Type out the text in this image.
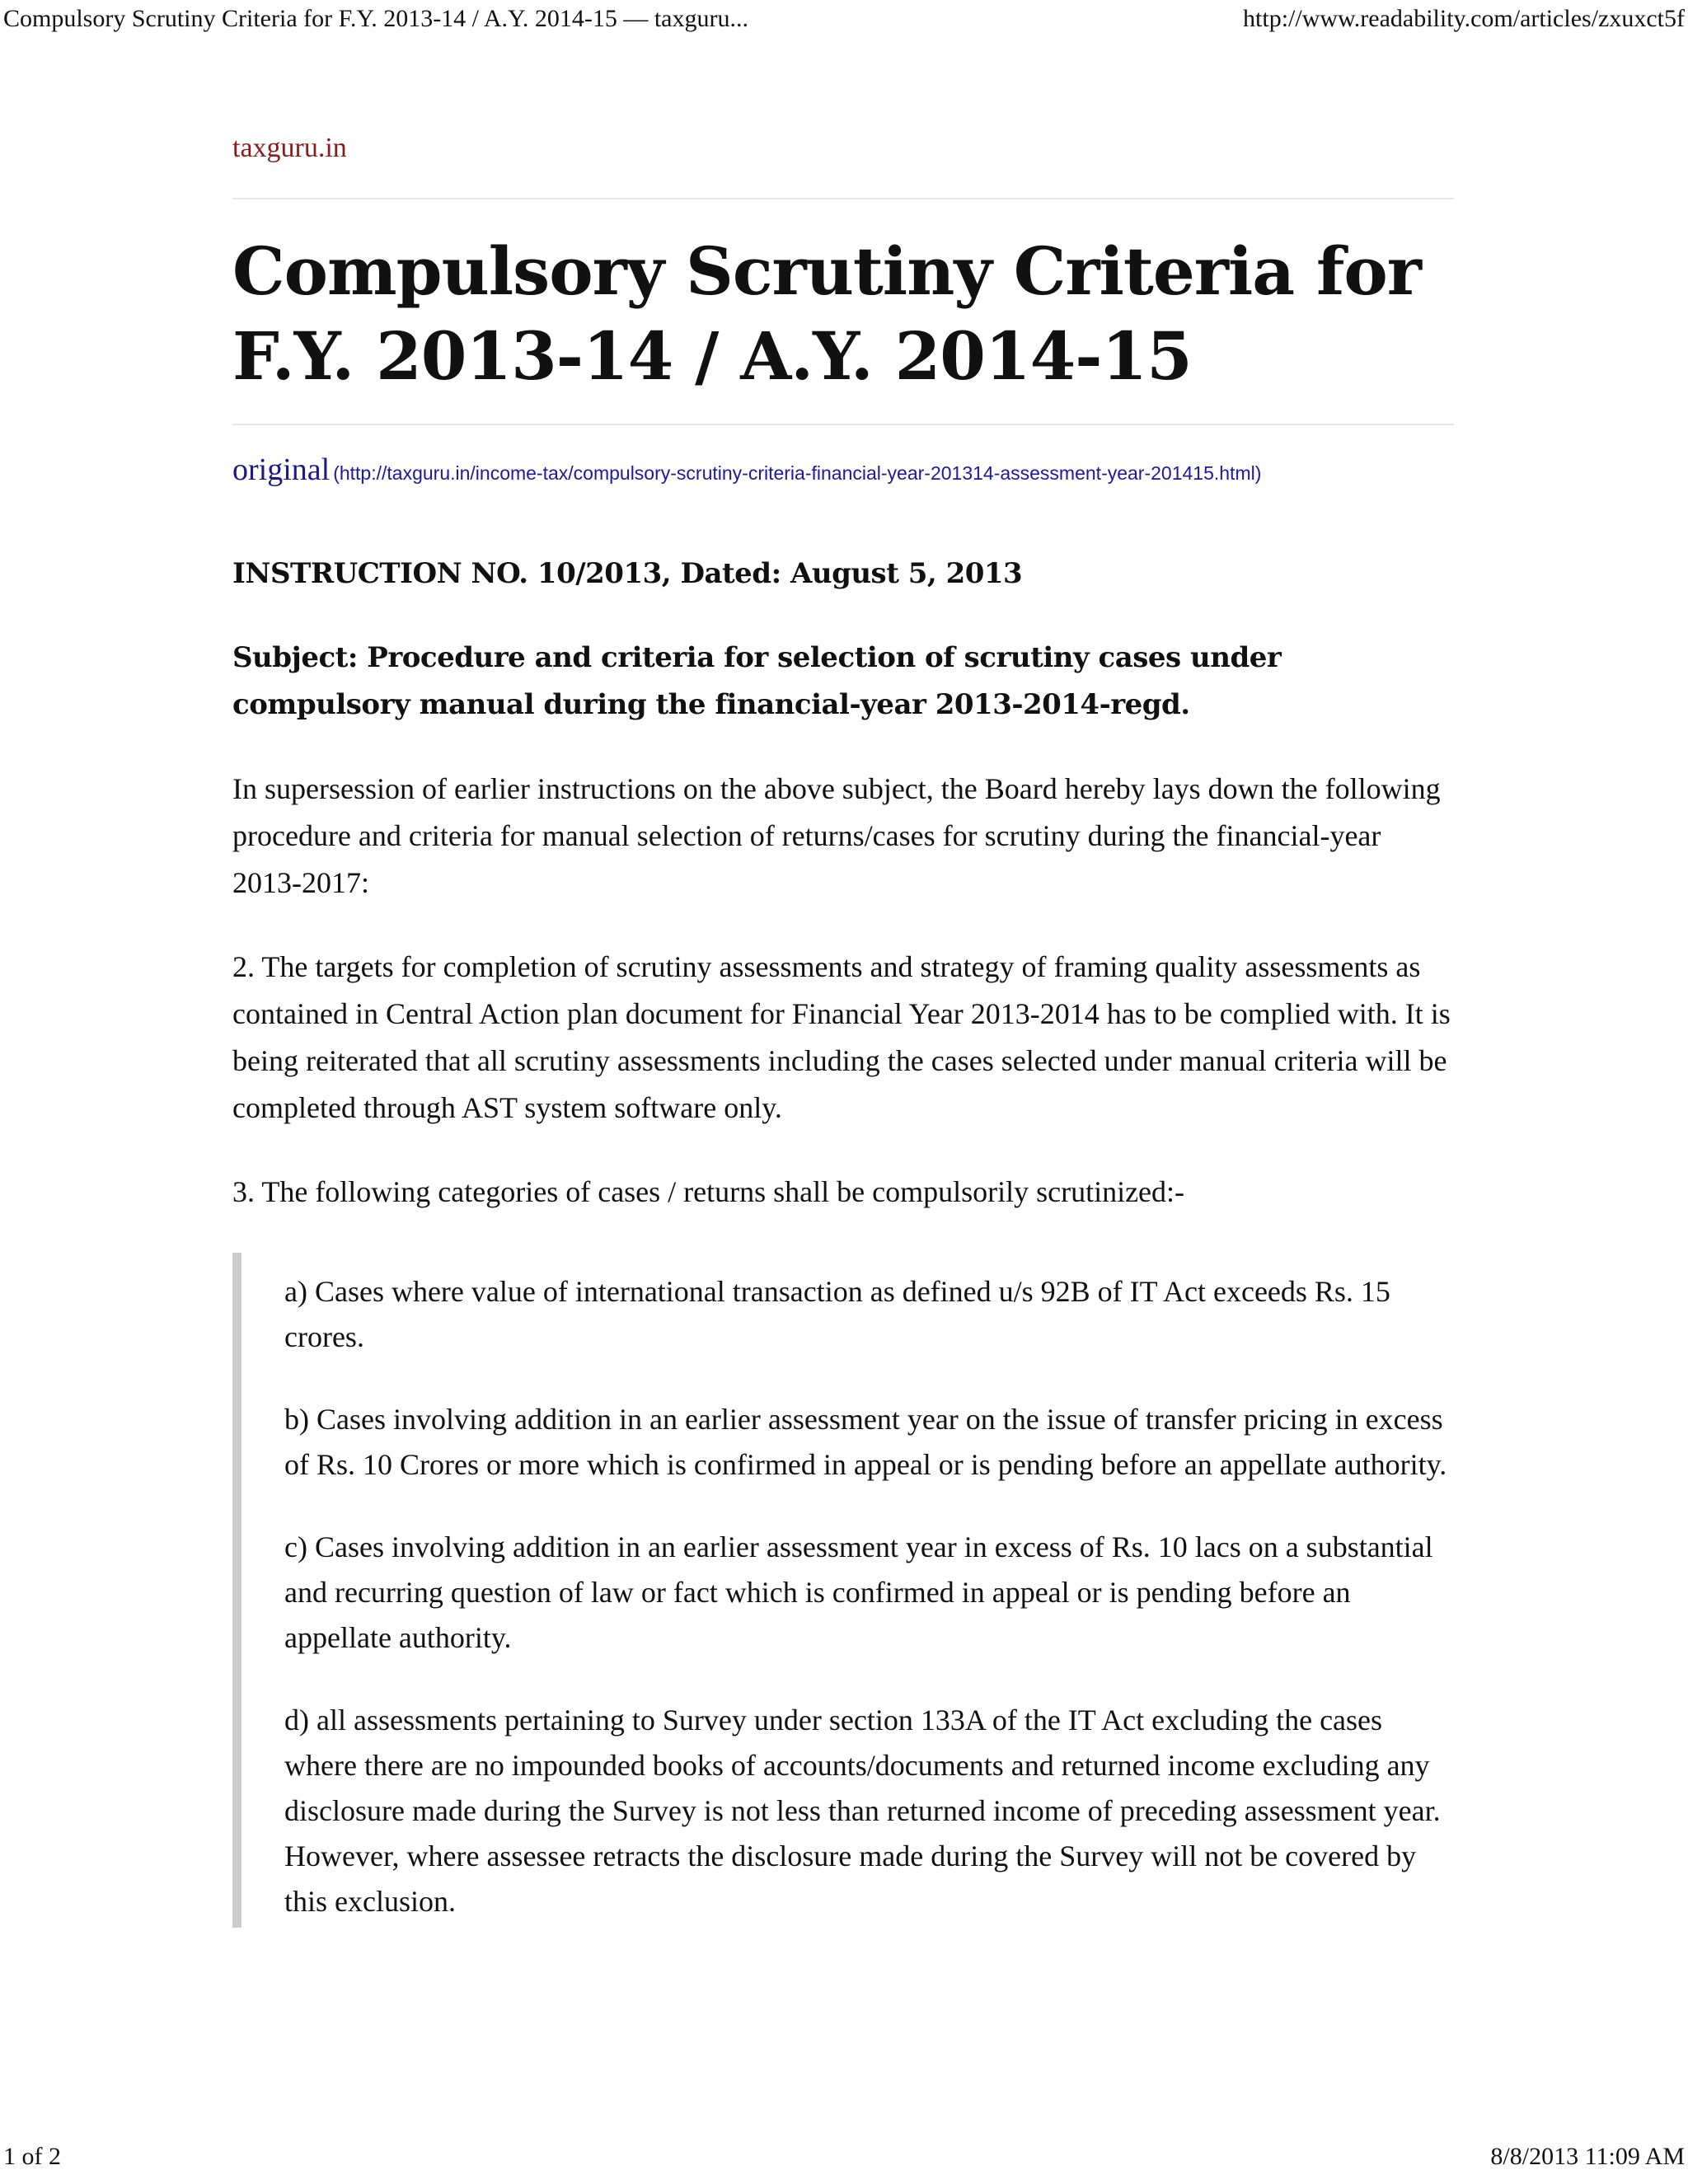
Compulsory Scrutiny Criteria for F.Y. 2013-14 / A.Y. 2014-15 — taxguru...	http://www.readability.com/articles/zxuxct5f

taxguru.in

Compulsory Scrutiny Criteria for F.Y. 2013-14 / A.Y. 2014-15

original (http://taxguru.in/income-tax/compulsory-scrutiny-criteria-financial-year-201314-assessment-year-201415.html)

INSTRUCTION NO. 10/2013, Dated: August 5, 2013

Subject: Procedure and criteria for selection of scrutiny cases under compulsory manual during the financial-year 2013-2014-regd.

In supersession of earlier instructions on the above subject, the Board hereby lays down the following procedure and criteria for manual selection of returns/cases for scrutiny during the financial-year 2013-2017:

2. The targets for completion of scrutiny assessments and strategy of framing quality assessments as contained in Central Action plan document for Financial Year 2013-2014 has to be complied with. It is being reiterated that all scrutiny assessments including the cases selected under manual criteria will be completed through AST system software only.

3. The following categories of cases / returns shall be compulsorily scrutinized:-

a) Cases where value of international transaction as defined u/s 92B of IT Act exceeds Rs. 15 crores.

b) Cases involving addition in an earlier assessment year on the issue of transfer pricing in excess of Rs. 10 Crores or more which is confirmed in appeal or is pending before an appellate authority.

c) Cases involving addition in an earlier assessment year in excess of Rs. 10 lacs on a substantial and recurring question of law or fact which is confirmed in appeal or is pending before an appellate authority.

d) all assessments pertaining to Survey under section 133A of the IT Act excluding the cases where there are no impounded books of accounts/documents and returned income excluding any disclosure made during the Survey is not less than returned income of preceding assessment year. However, where assessee retracts the disclosure made during the Survey will not be covered by this exclusion.

1 of 2	8/8/2013 11:09 AM
